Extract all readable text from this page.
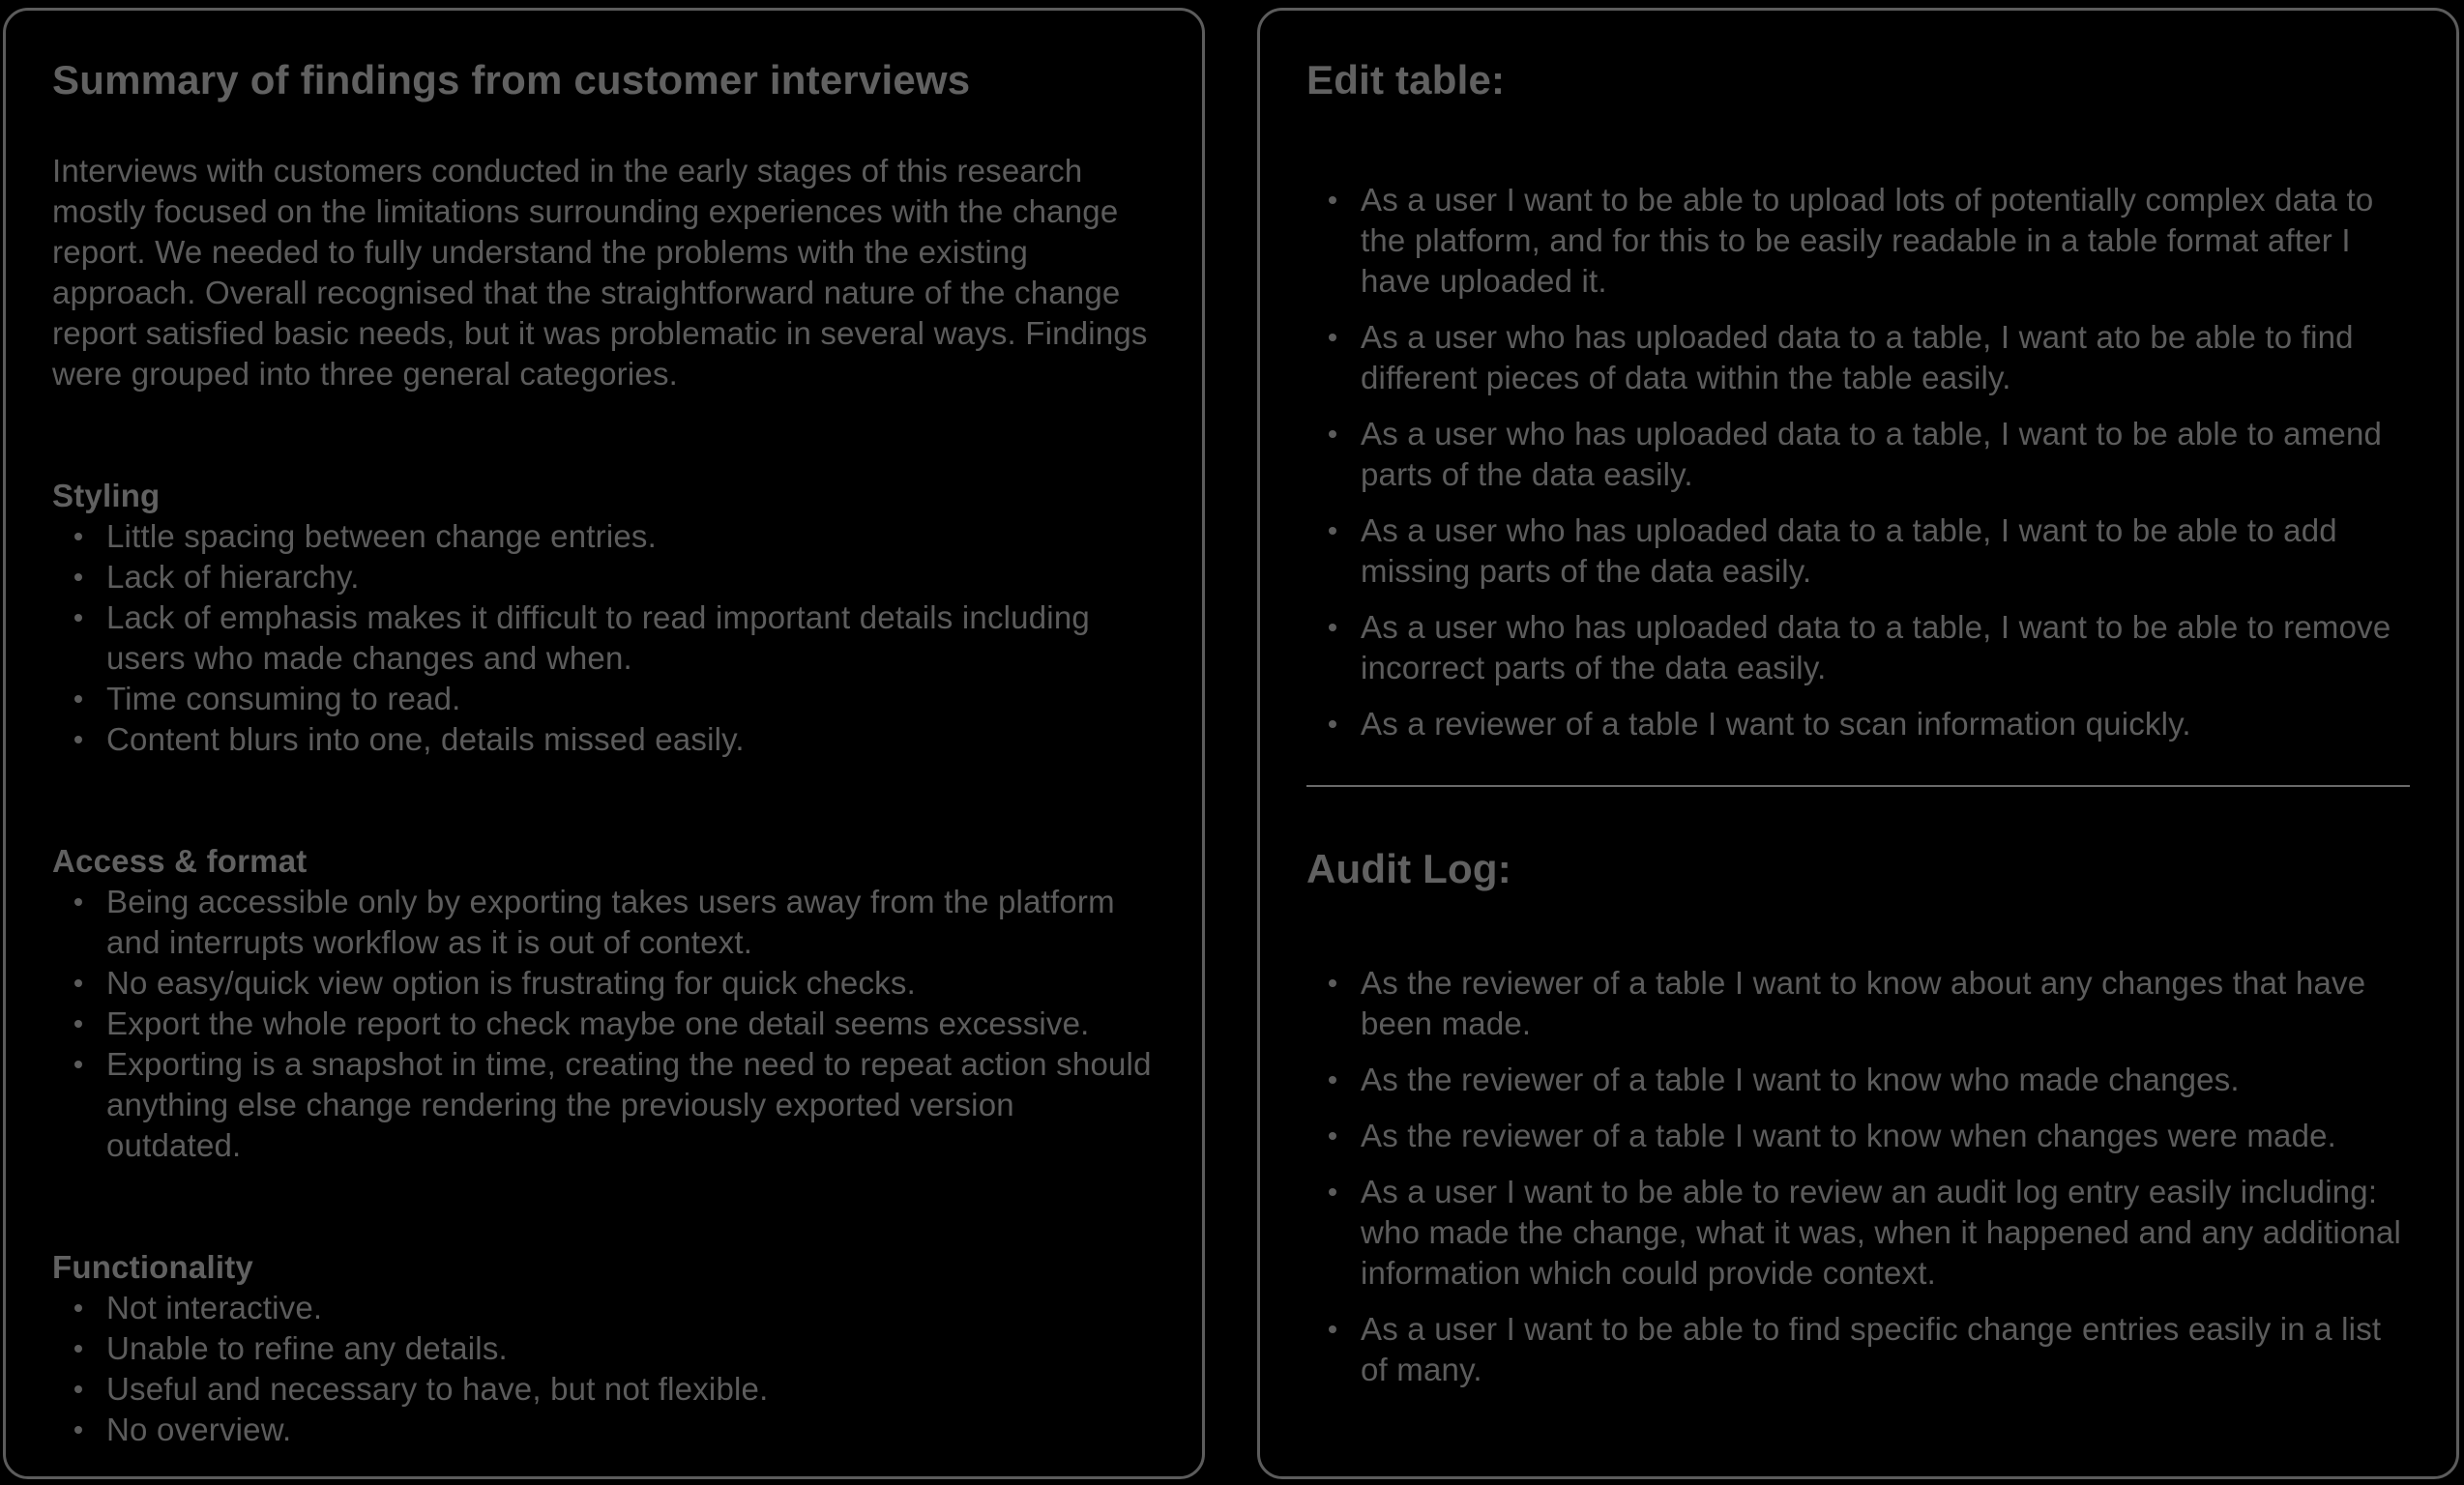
Summary of findings from customer interviews

Interviews with customers conducted in the early stages of this research mostly focused on the limitations surrounding experiences with the change report. We needed to fully understand the problems with the existing approach. Overall recognised that the straightforward nature of the change report satisfied basic needs, but it was problematic in several ways. Findings were grouped into three general categories.

Styling
Little spacing between change entries.
Lack of hierarchy.
Lack of emphasis makes it difficult to read important details including users who made changes and when.
Time consuming to read.
Content blurs into one, details missed easily.
Access & format
Being accessible only by exporting takes users away from the platform and interrupts workflow as it is out of context.
No easy/quick view option is frustrating for quick checks.
Export the whole report to check maybe one detail seems excessive.
Exporting is a snapshot in time, creating the need to repeat action should anything else change rendering the previously exported version outdated.
Functionality
Not interactive.
Unable to refine any details.
Useful and necessary to have, but not flexible.
No overview.
Edit table:
As a user I want to be able to upload lots of potentially complex data to the platform, and for this to be easily readable in a table format after I have uploaded it.
As a user who has uploaded data to a table, I want ato be able to find different pieces of data within the table easily.
As a user who has uploaded data to a table, I want to be able to amend parts of the data easily.
As a user who has uploaded data to a table, I want to be able to add missing parts of the data easily.
As a user who has uploaded data to a table, I want to be able to remove incorrect parts of the data easily.
As a reviewer of a table I want to scan information quickly.
Audit Log:
As the reviewer of a table I want to know about any changes that have been made.
As the reviewer of a table I want to know who made changes.
As the reviewer of a table I want to know when changes were made.
As a user I want to be able to review an audit log entry easily including: who made the change, what it was, when it happened and any additional information which could provide context.
As a user I want to be able to find specific change entries easily in a list of many.
